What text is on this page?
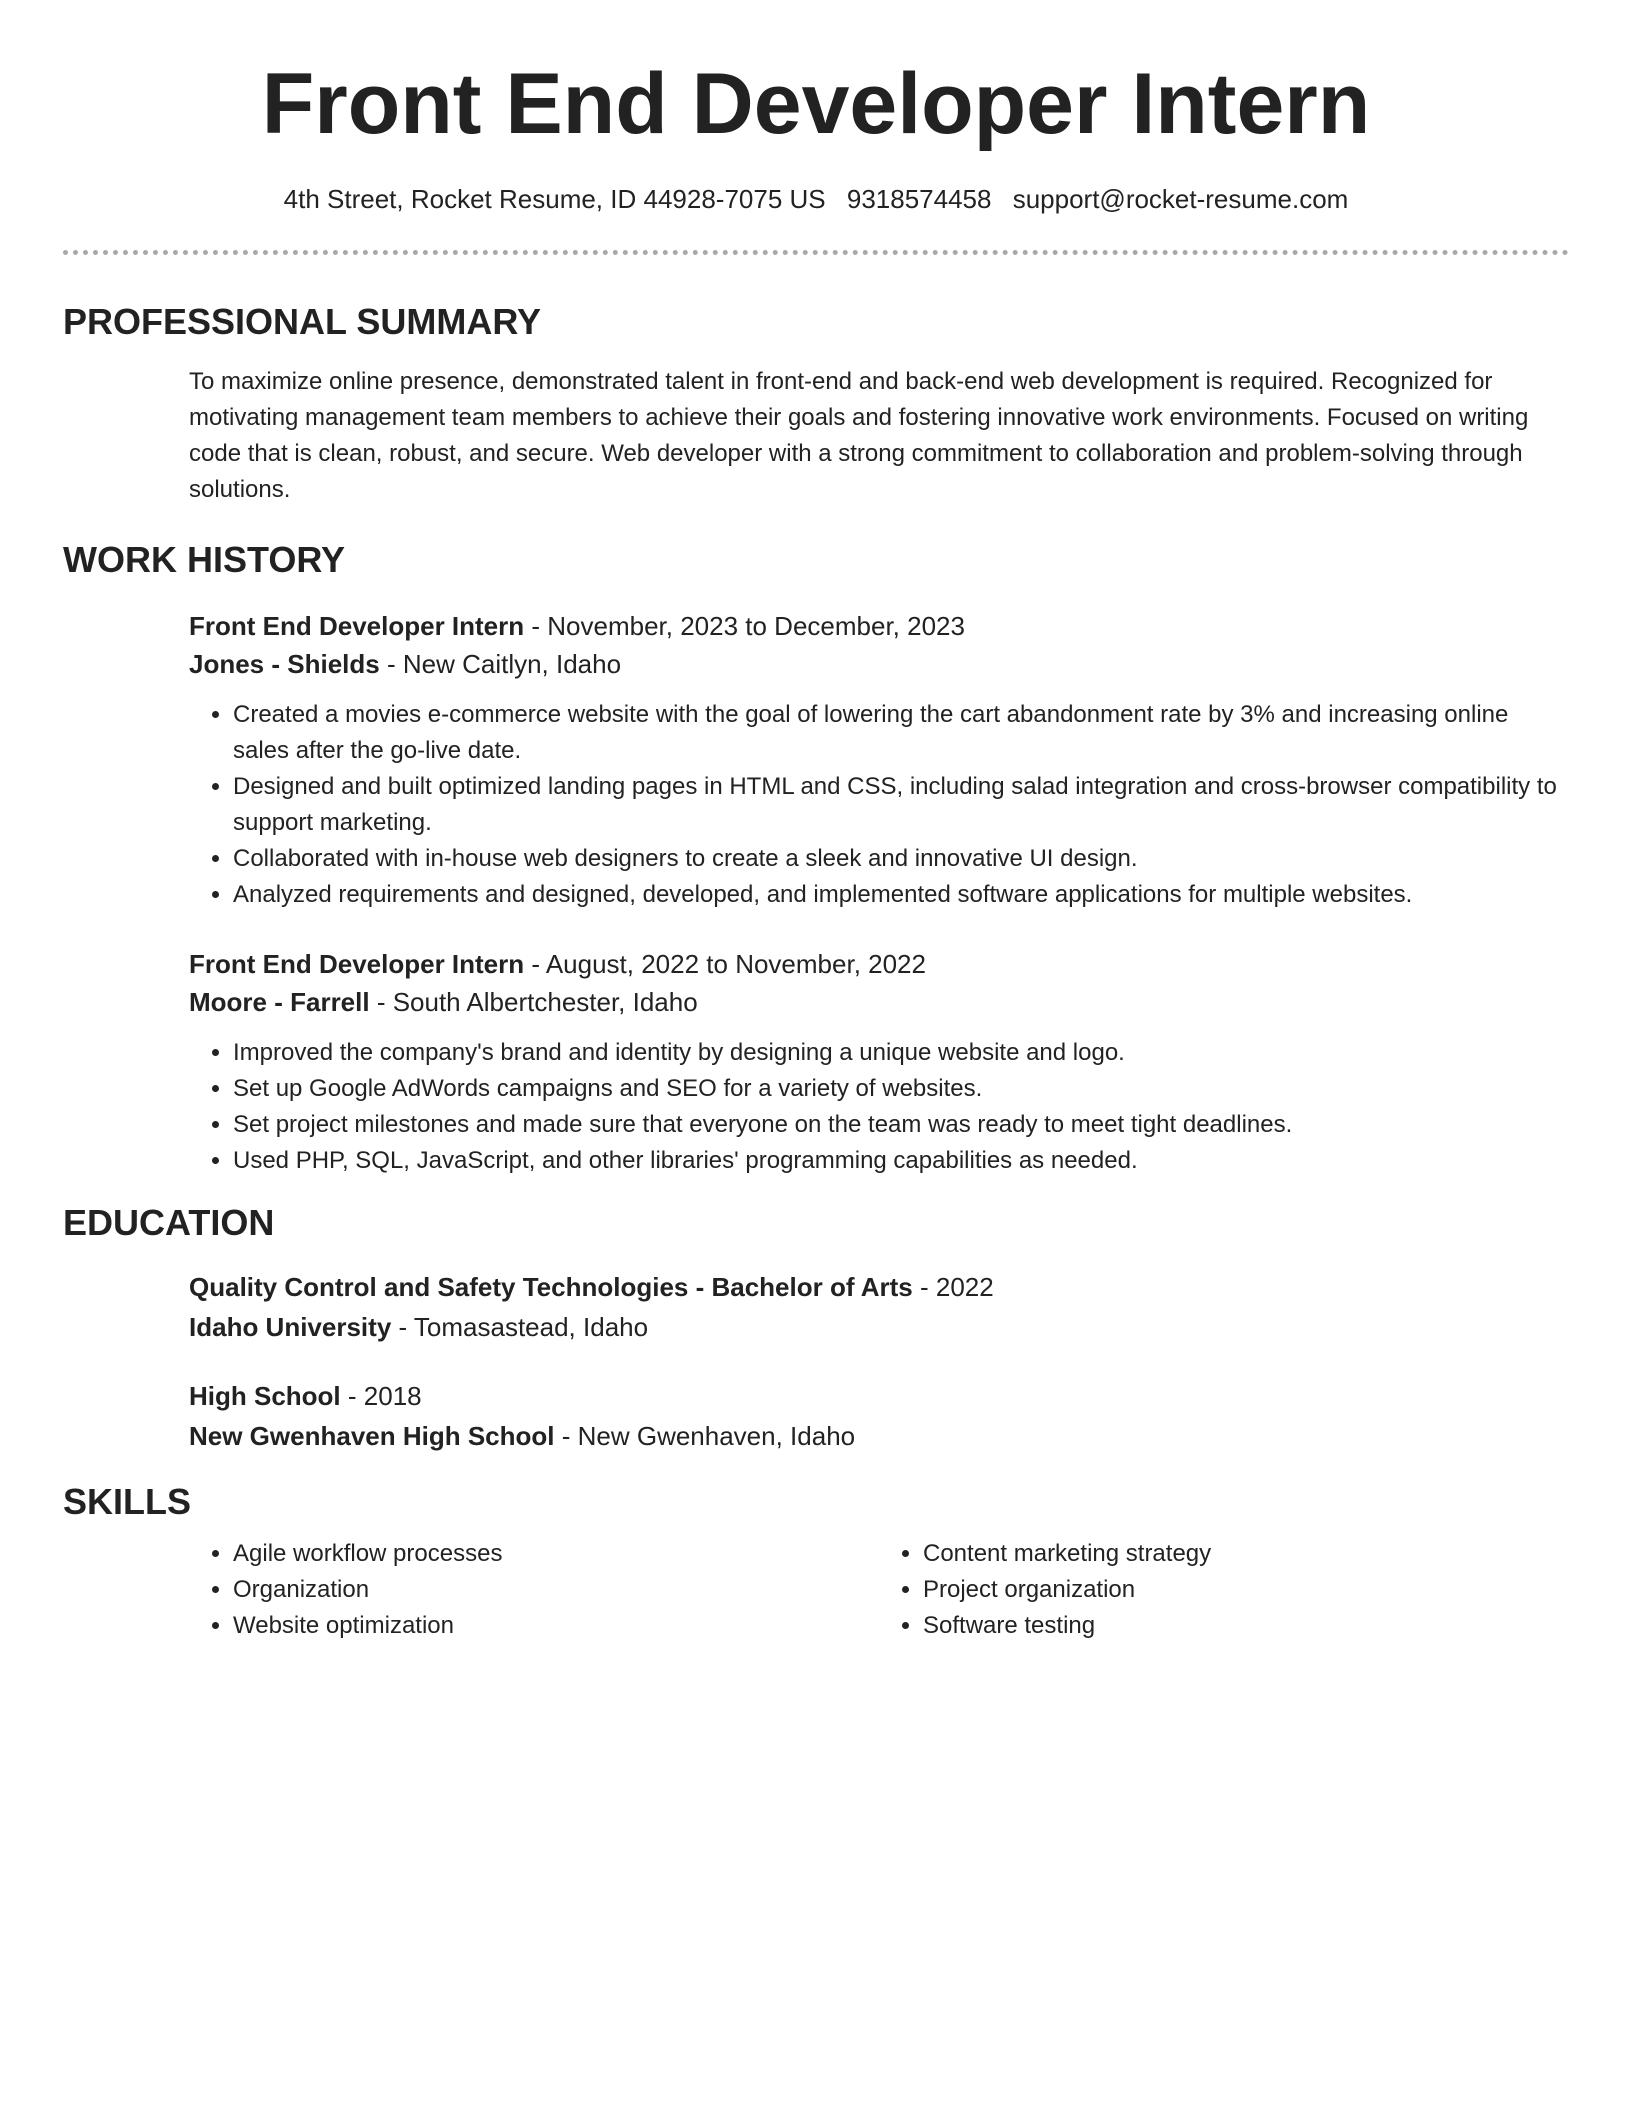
Front End Developer Intern
4th Street, Rocket Resume, ID 44928-7075 US 9318574458 support@rocket-resume.com
PROFESSIONAL SUMMARY

To maximize online presence, demonstrated talent in front-end and back-end web development is required. Recognized for motivating management team members to achieve their goals and fostering innovative work environments. Focused on writing code that is clean, robust, and secure. Web developer with a strong commitment to collaboration and problem-solving through solutions.

WORK HISTORY
Front End Developer Intern - November, 2023 to December, 2023
Jones - Shields - New Caitlyn, Idaho
• Created a movies e-commerce website with the goal of lowering the cart abandonment rate by 3% and increasing online sales after the go-live date.
• Designed and built optimized landing pages in HTML and CSS, including salad integration and cross-browser compatibility to support marketing.
• Collaborated with in-house web designers to create a sleek and innovative UI design.
• Analyzed requirements and designed, developed, and implemented software applications for multiple websites.
Front End Developer Intern - August, 2022 to November, 2022
Moore - Farrell - South Albertchester, Idaho
• Improved the company's brand and identity by designing a unique website and logo.
• Set up Google AdWords campaigns and SEO for a variety of websites.
• Set project milestones and made sure that everyone on the team was ready to meet tight deadlines.
• Used PHP, SQL, JavaScript, and other libraries' programming capabilities as needed.
EDUCATION
Quality Control and Safety Technologies - Bachelor of Arts - 2022
Idaho University - Tomasastead, Idaho
High School - 2018
New Gwenhaven High School - New Gwenhaven, Idaho
SKILLS
• Agile workflow processes
• Organization
• Website optimization
• Content marketing strategy
• Project organization
• Software testing
